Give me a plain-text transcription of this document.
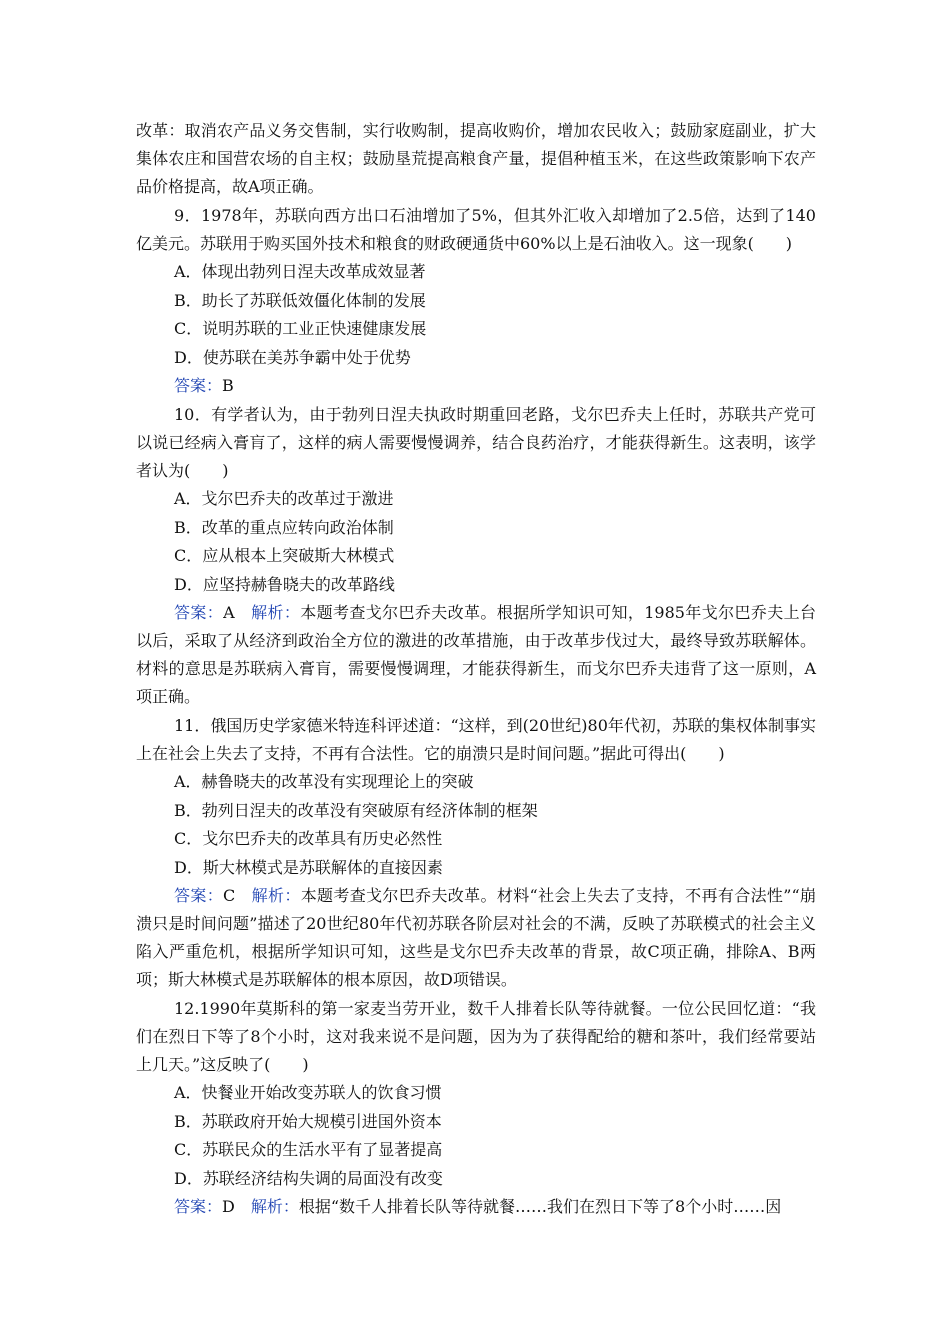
改革：取消农产品义务交售制，实行收购制，提高收购价，增加农民收入；鼓励家庭副业，扩大集体农庄和国营农场的自主权；鼓励垦荒提高粮食产量，提倡种植玉米，在这些政策影响下农产品价格提高，故A项正确。

9．1978年，苏联向西方出口石油增加了5%，但其外汇收入却增加了2.5倍，达到了140亿美元。苏联用于购买国外技术和粮食的财政硬通货中60%以上是石油收入。这一现象(　　)

A．体现出勃列日涅夫改革成效显著

B．助长了苏联低效僵化体制的发展

C．说明苏联的工业正快速健康发展

D．使苏联在美苏争霸中处于优势

答案：B

10．有学者认为，由于勃列日涅夫执政时期重回老路，戈尔巴乔夫上任时，苏联共产党可以说已经病入膏肓了，这样的病人需要慢慢调养，结合良药治疗，才能获得新生。这表明，该学者认为(　　)

A．戈尔巴乔夫的改革过于激进

B．改革的重点应转向政治体制

C．应从根本上突破斯大林模式

D．应坚持赫鲁晓夫的改革路线

答案：A 解析：本题考查戈尔巴乔夫改革。根据所学知识可知，1985年戈尔巴乔夫上台以后，采取了从经济到政治全方位的激进的改革措施，由于改革步伐过大，最终导致苏联解体。材料的意思是苏联病入膏肓，需要慢慢调理，才能获得新生，而戈尔巴乔夫违背了这一原则，A项正确。

11．俄国历史学家德米特连科评述道：“这样，到(20世纪)80年代初，苏联的集权体制事实上在社会上失去了支持，不再有合法性。它的崩溃只是时间问题。”据此可得出(　　)

A．赫鲁晓夫的改革没有实现理论上的突破

B．勃列日涅夫的改革没有突破原有经济体制的框架

C．戈尔巴乔夫的改革具有历史必然性

D．斯大林模式是苏联解体的直接因素

答案：C 解析：本题考查戈尔巴乔夫改革。材料“社会上失去了支持，不再有合法性”“崩溃只是时间问题”描述了20世纪80年代初苏联各阶层对社会的不满，反映了苏联模式的社会主义陷入严重危机，根据所学知识可知，这些是戈尔巴乔夫改革的背景，故C项正确，排除A、B两项；斯大林模式是苏联解体的根本原因，故D项错误。

12.1990年莫斯科的第一家麦当劳开业，数千人排着长队等待就餐。一位公民回忆道：“我们在烈日下等了8个小时，这对我来说不是问题，因为为了获得配给的糖和茶叶，我们经常要站上几天。”这反映了(　　)

A．快餐业开始改变苏联人的饮食习惯

B．苏联政府开始大规模引进国外资本

C．苏联民众的生活水平有了显著提高

D．苏联经济结构失调的局面没有改变

答案：D 解析：根据“数千人排着长队等待就餐……我们在烈日下等了8个小时……因
